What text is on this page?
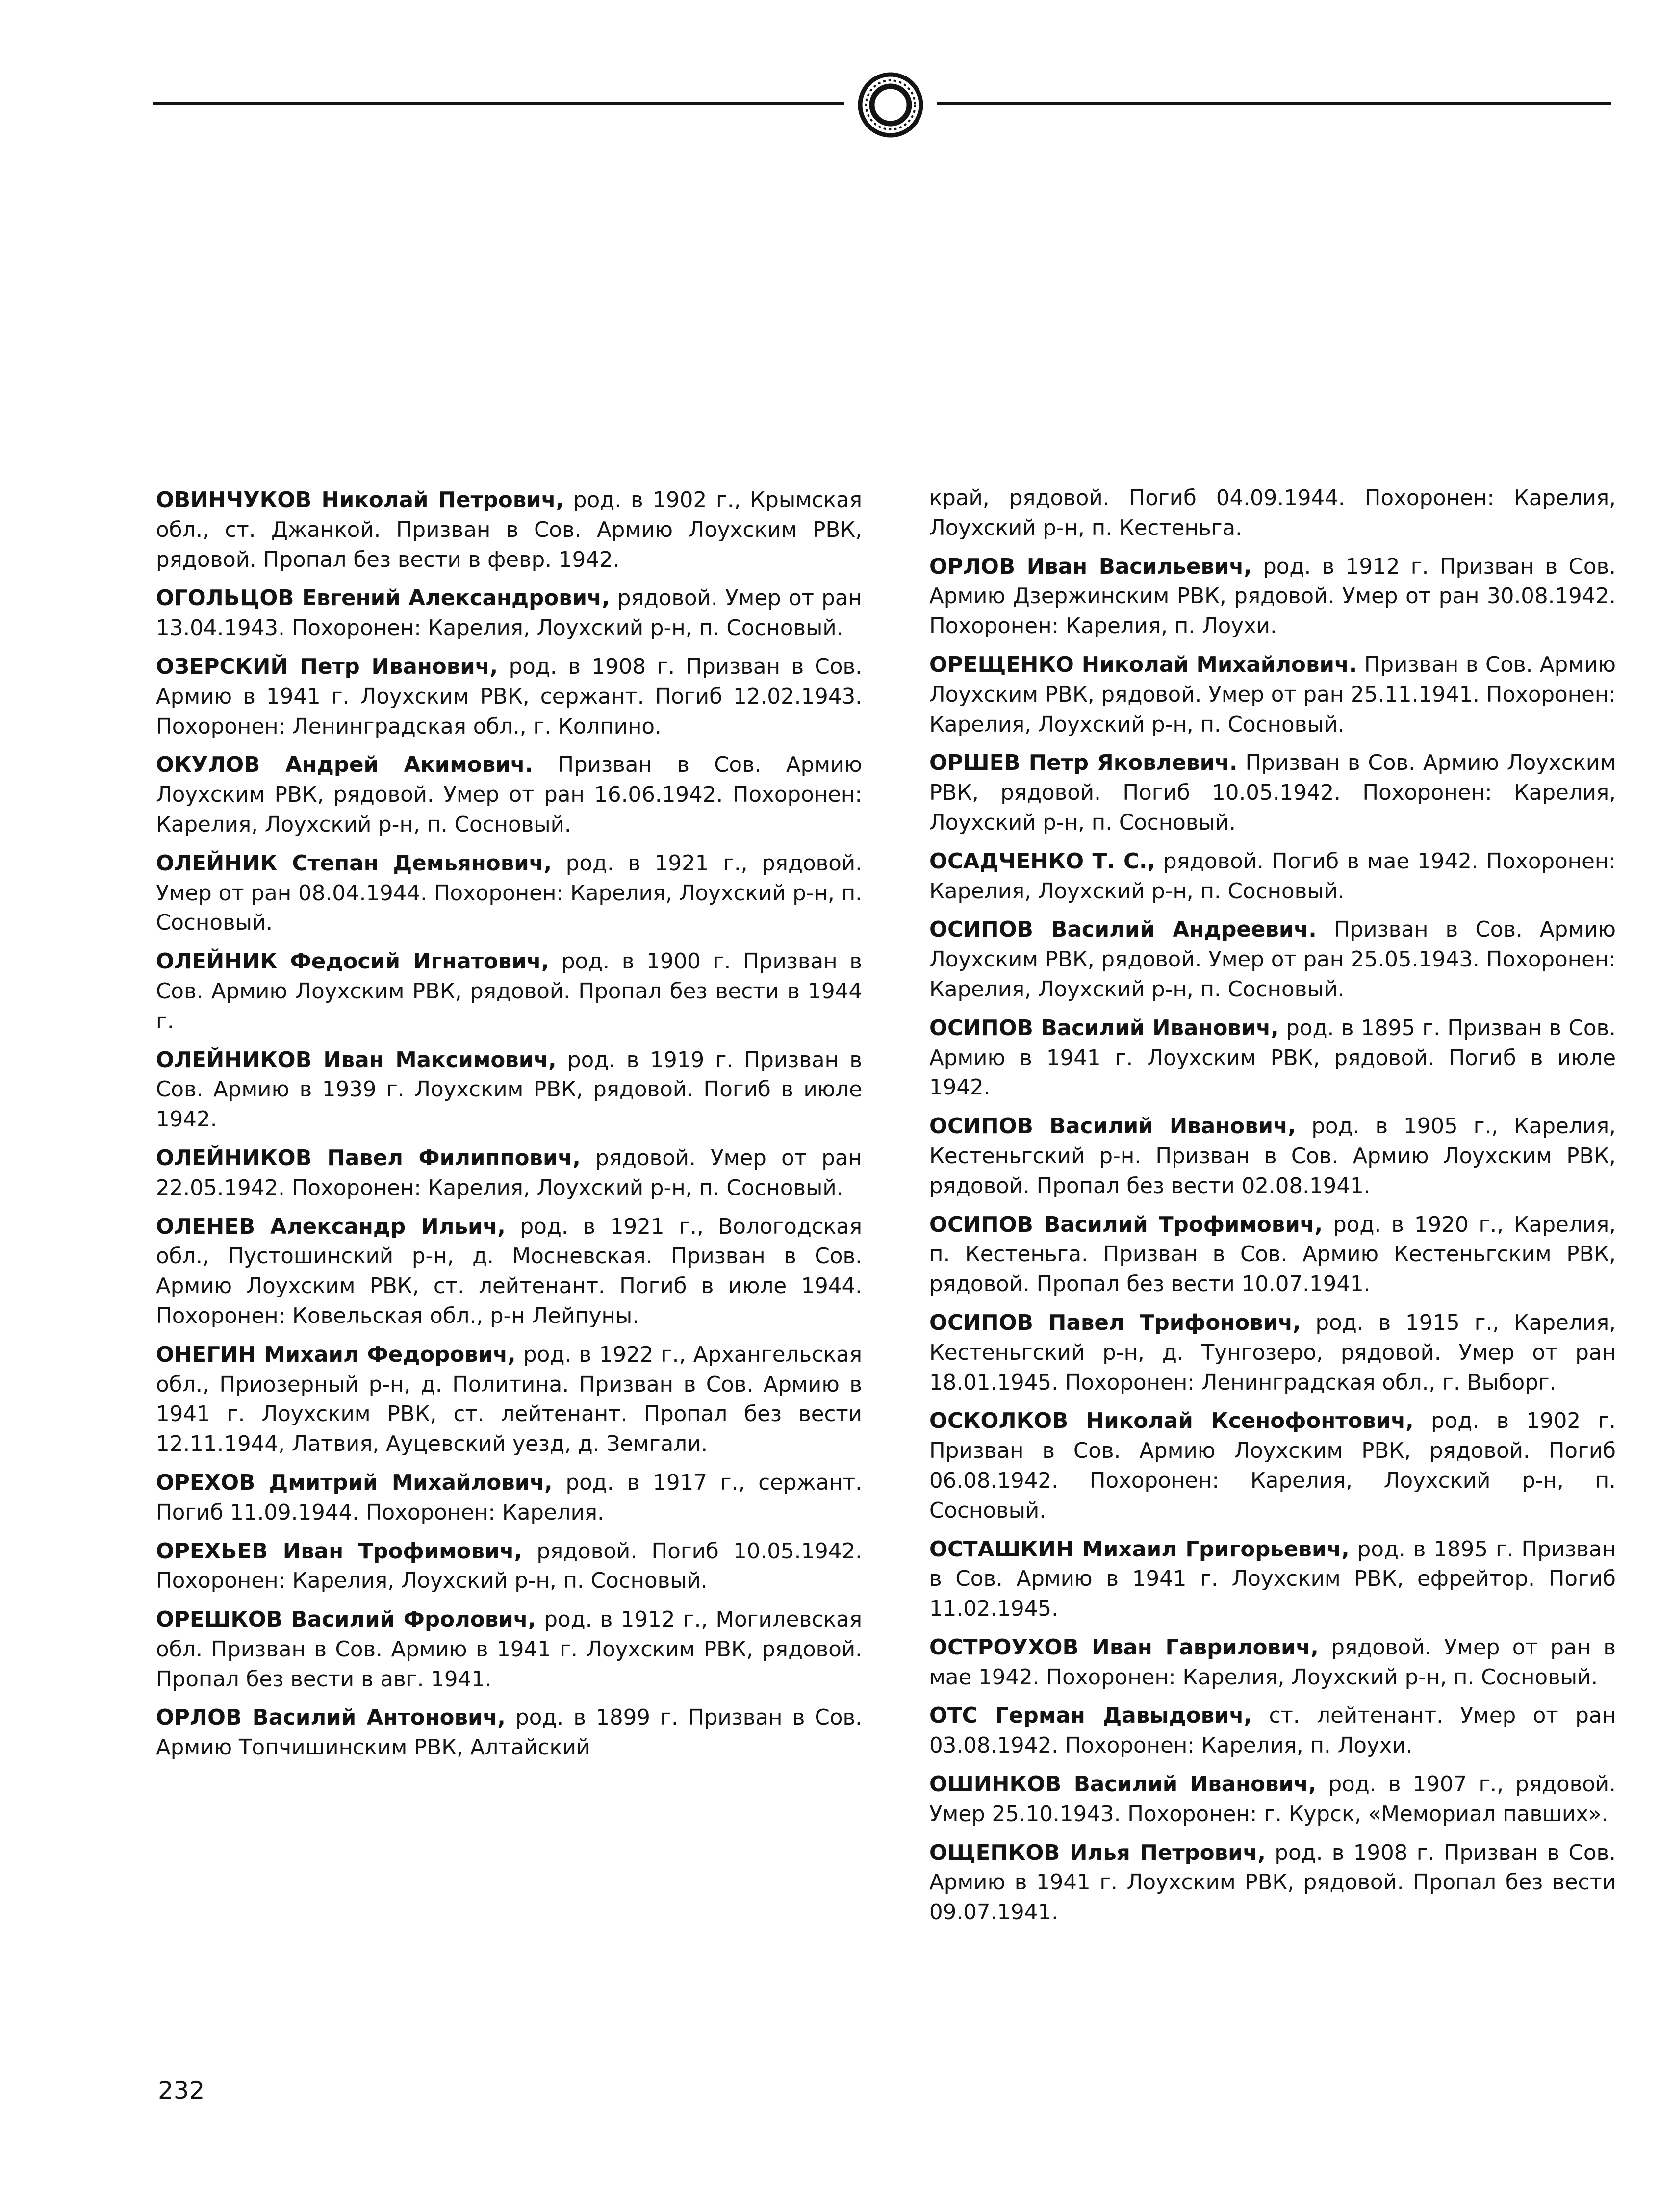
ОВИНЧУКОВ Николай Петрович, род. в 1902 г., Крымская обл., ст. Джанкой. Призван в Сов. Армию Лоухским РВК, рядовой. Пропал без вести в февр. 1942.

ОГОЛЬЦОВ Евгений Александрович, рядовой. Умер от ран 13.04.1943. Похоронен: Карелия, Лоухский р-н, п. Сосновый.

ОЗЕРСКИЙ Петр Иванович, род. в 1908 г. Призван в Сов. Армию в 1941 г. Лоухским РВК, сержант. Погиб 12.02.1943. Похоронен: Ленинградская обл., г. Колпино.

ОКУЛОВ Андрей Акимович. Призван в Сов. Армию Лоухским РВК, рядовой. Умер от ран 16.06.1942. Похоронен: Карелия, Лоухский р-н, п. Сосновый.

ОЛЕЙНИК Степан Демьянович, род. в 1921 г., рядовой. Умер от ран 08.04.1944. Похоронен: Карелия, Лоухский р-н, п. Сосновый.

ОЛЕЙНИК Федосий Игнатович, род. в 1900 г. Призван в Сов. Армию Лоухским РВК, рядовой. Пропал без вести в 1944 г.

ОЛЕЙНИКОВ Иван Максимович, род. в 1919 г. Призван в Сов. Армию в 1939 г. Лоухским РВК, рядовой. Погиб в июле 1942.

ОЛЕЙНИКОВ Павел Филиппович, рядовой. Умер от ран 22.05.1942. Похоронен: Карелия, Лоухский р-н, п. Сосновый.

ОЛЕНЕВ Александр Ильич, род. в 1921 г., Вологодская обл., Пустошинский р-н, д. Мосневская. Призван в Сов. Армию Лоухским РВК, ст. лейтенант. Погиб в июле 1944. Похоронен: Ковельская обл., р-н Лейпуны.

ОНЕГИН Михаил Федорович, род. в 1922 г., Архангельская обл., Приозерный р-н, д. Политина. Призван в Сов. Армию в 1941 г. Лоухским РВК, ст. лейтенант. Пропал без вести 12.11.1944, Латвия, Ауцевский уезд, д. Земгали.

ОРЕХОВ Дмитрий Михайлович, род. в 1917 г., сержант. Погиб 11.09.1944. Похоронен: Карелия.

ОРЕХЬЕВ Иван Трофимович, рядовой. Погиб 10.05.1942. Похоронен: Карелия, Лоухский р-н, п. Сосновый.

ОРЕШКОВ Василий Фролович, род. в 1912 г., Могилевская обл. Призван в Сов. Армию в 1941 г. Лоухским РВК, рядовой. Пропал без вести в авг. 1941.

ОРЛОВ Василий Антонович, род. в 1899 г. Призван в Сов. Армию Топчишинским РВК, Алтайский

край, рядовой. Погиб 04.09.1944. Похоронен: Карелия, Лоухский р-н, п. Кестеньга.

ОРЛОВ Иван Васильевич, род. в 1912 г. Призван в Сов. Армию Дзержинским РВК, рядовой. Умер от ран 30.08.1942. Похоронен: Карелия, п. Лоухи.

ОРЕЩЕНКО Николай Михайлович. Призван в Сов. Армию Лоухским РВК, рядовой. Умер от ран 25.11.1941. Похоронен: Карелия, Лоухский р-н, п. Сосновый.

ОРШЕВ Петр Яковлевич. Призван в Сов. Армию Лоухским РВК, рядовой. Погиб 10.05.1942. Похоронен: Карелия, Лоухский р-н, п. Сосновый.

ОСАДЧЕНКО Т. С., рядовой. Погиб в мае 1942. Похоронен: Карелия, Лоухский р-н, п. Сосновый.

ОСИПОВ Василий Андреевич. Призван в Сов. Армию Лоухским РВК, рядовой. Умер от ран 25.05.1943. Похоронен: Карелия, Лоухский р-н, п. Сосновый.

ОСИПОВ Василий Иванович, род. в 1895 г. Призван в Сов. Армию в 1941 г. Лоухским РВК, рядовой. Погиб в июле 1942.

ОСИПОВ Василий Иванович, род. в 1905 г., Карелия, Кестеньгский р-н. Призван в Сов. Армию Лоухским РВК, рядовой. Пропал без вести 02.08.1941.

ОСИПОВ Василий Трофимович, род. в 1920 г., Карелия, п. Кестеньга. Призван в Сов. Армию Кестеньгским РВК, рядовой. Пропал без вести 10.07.1941.

ОСИПОВ Павел Трифонович, род. в 1915 г., Карелия, Кестеньгский р-н, д. Тунгозеро, рядовой. Умер от ран 18.01.1945. Похоронен: Ленинградская обл., г. Выборг.

ОСКОЛКОВ Николай Ксенофонтович, род. в 1902 г. Призван в Сов. Армию Лоухским РВК, рядовой. Погиб 06.08.1942. Похоронен: Карелия, Лоухский р-н, п. Сосновый.

ОСТАШКИН Михаил Григорьевич, род. в 1895 г. Призван в Сов. Армию в 1941 г. Лоухским РВК, ефрейтор. Погиб 11.02.1945.

ОСТРОУХОВ Иван Гаврилович, рядовой. Умер от ран в мае 1942. Похоронен: Карелия, Лоухский р-н, п. Сосновый.

ОТС Герман Давыдович, ст. лейтенант. Умер от ран 03.08.1942. Похоронен: Карелия, п. Лоухи.

ОШИНКОВ Василий Иванович, род. в 1907 г., рядовой. Умер 25.10.1943. Похоронен: г. Курск, «Мемориал павших».

ОЩЕПКОВ Илья Петрович, род. в 1908 г. Призван в Сов. Армию в 1941 г. Лоухским РВК, рядовой. Пропал без вести 09.07.1941.

232
